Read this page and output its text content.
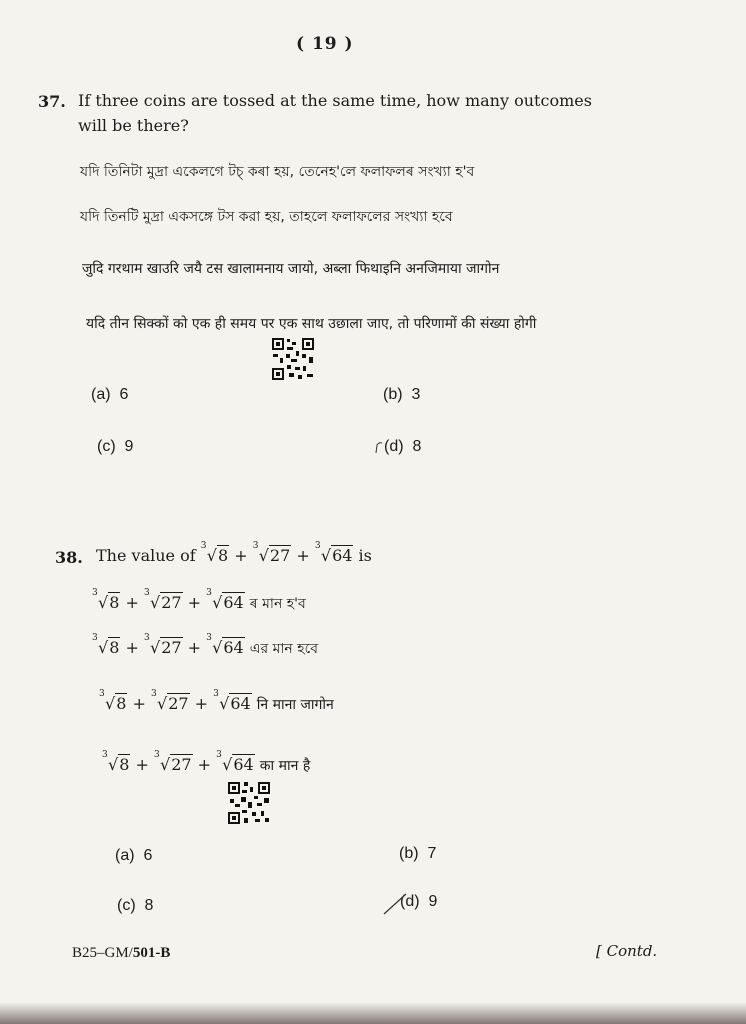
( 19 )
37. If three coins are tossed at the same time, how many outcomes
will be there?
যদি তিনিটা মুদ্ৰা একেলগে টচ্ কৰা হয়, তেনেহ'লে ফলাফলৰ সংখ্যা হ'ব
যদি তিনটি মুদ্রা একসঙ্গে টস করা হয়, তাহলে ফলাফলের সংখ্যা হবে
जुदि गरथाम खाउरि जयै टस खालामनाय जायो, अब्ला फिथाइनि अनजिमाया जागोन
यदि तीन सिक्कों को एक ही समय पर एक साथ उछाला जाए, तो परिणामों की संख्या होगी
(a) 6	(b) 3
(c) 9	(d) 8
38. The value of 3 √8 + 3 √27 + 3 √64 is
3 √8 + 3 √27 + 3 √64 ৰ মান হ'ব
3 √8 + 3 √27 + 3 √64 এর মান হবে
3 √8 + 3 √27 + 3 √64 नि माना जागोन
3 √8 + 3 √27 + 3 √64 का मान है
(a) 6	(b) 7
(c) 8	(d) 9
B25–GM/501-B	[ Contd.
